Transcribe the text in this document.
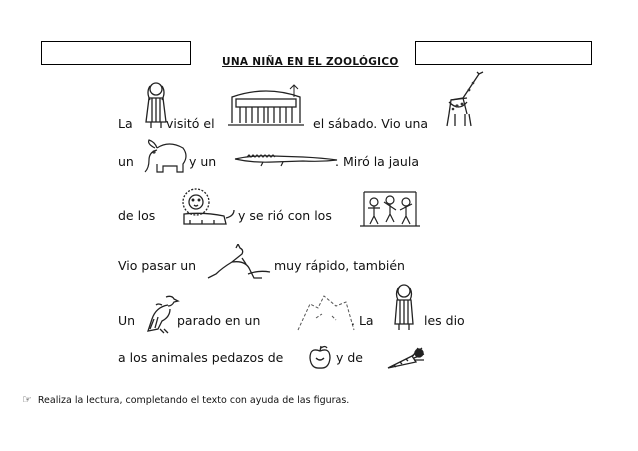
UNA NIÑA EN EL ZOOLÓGICO
La	visitó el	el sábado. Vio una
un	y un	. Miró la jaula
de los	y se rió con los
Vio pasar un	muy rápido, también
Un	parado en un	. La	les dio
a los animales pedazos de	y de
☞ Realiza la lectura, completando el texto con ayuda de las figuras.
